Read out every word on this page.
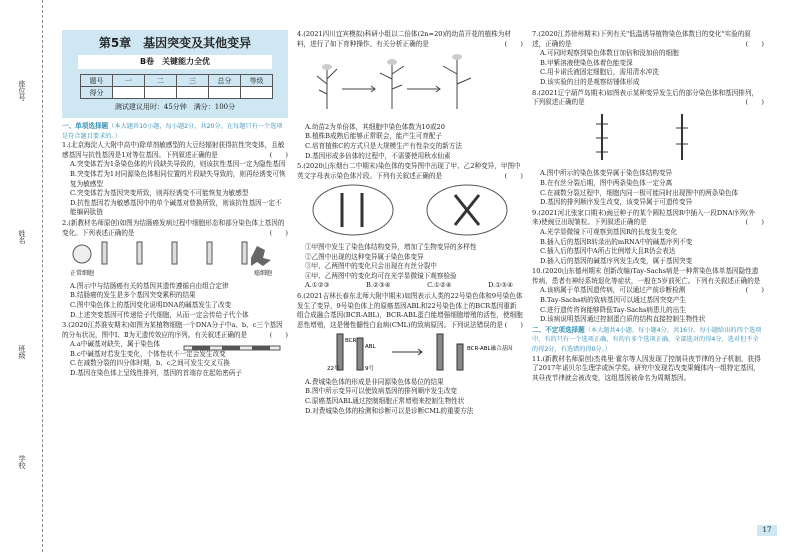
座位号
姓名
班级
学校
第5章　基因突变及其他变异
B卷　关键能力全优
题号	一	二	三	总分	等级
得分					
测试建议用时：45分钟　满分：100分
一、单项选择题（本大题共10小题，每小题2分，共20分。在每题只有一个选项是符合题目要求的。）
1.(北京海淀人大附中高中)除草剂敏感型的大豆经辐射获得抗性突变体，且敏感基因与抗性基因是1对等位基因。下列叙述正确的是	(　　)
A.突变体若为1条染色体的片段缺失导致的，则该抗性基因一定为隐性基因
B.突变体若为1对同源染色体相同位置的片段缺失导致的，则再经诱变可恢复为敏感型
C.突变体若为基因突变所致，则再经诱变不可能恢复为敏感型
D.抗性基因若为敏感基因中的单个碱基对替换所致，则该抗性基因一定不能编码肽链
2.(新教材名师原创)如图为结肠癌发病过程中细胞形态和部分染色体上基因的变化。下列表述正确的是	(　　)

正常细胞	癌细胞
A.图示中与结肠癌有关的基因其遗传遵循自由组合定律
B.结肠癌的发生是多个基因突变累积的结果
C.图中染色体上的基因变化说明DNA的碱基发生了改变
D.上述突变基因可传递给子代细胞，从而一定会传给子代个体
3.(2020江苏淮安期末)如图为某植物细胞一个DNA分子中a、b、c三个基因的分布状况，图中Ⅰ、Ⅱ为无遗传效应的序列。有关叙述正确的是	(　　)
A.a中碱基对缺失，属于染色体
B.c中碱基对若发生变化，个体性状不一定会发生改变
C.在减数分裂的四分体时期，b、c之间可发生交叉互换
D.基因在染色体上呈线性排列，基因的首端存在起始密码子
4.(2021四川宜宾模拟)科研小组以二倍体(2n=20)的幼苗开花的植株为材料，进行了如下育种操作。有关分析正确的是	(　　)

A.幼苗2为单倍体，其细胞中染色体数为10或20
B.植株B成熟后能够正常联会，能产生可育配子
C.培育植株C的方式只是大规模生产有性杂交的新方法
D.基因形成多倍体的过程中，不需要使用秋水仙素
5.(2020山东烟台二中期末)染色体的变异图中出现了甲、乙2种变异，甲图中英文字母表示染色体片段。下列有关叙述正确的是	(　　)

①甲图中发生了染色体结构变异，增加了生物变异的多样性
②乙图中出现的这种变异属于染色体变异
③甲、乙两图中的变化只会出现在有丝分裂中
④甲、乙两图中的变化均可在光学显微镜下观察检验
A.①②③	B.②③④	C.①②④	D.①③④
6.(2021吉林长春东北师大附中期末)如图表示人类的22号染色体和9号染色体发生了变异，9号染色体上的原癌基因ABL和22号染色体上的BCR基因重新组合成融合基因(BCR-ABL)，BCR-ABL蛋白能增强细胞增殖的活性，使细胞恶性增殖，这是慢性髓性白血病(CML)的致病原因。下列说法错误的是 (　　)

22号	9号
BCR
ABL	BCR-ABL融合基因
A.费城染色体的形成是非同源染色体易位的结果
B.图中所示变异可以使致病基因的排列顺序发生改变
C.原癌基因ABL通过控制细胞正常增殖来控制生物性状
D.对费城染色体的检测和诊断可以是诊断CML的重要方法
7.(2020江苏徐州期末)下列有关"低温诱导植物染色体数目的变化"实验的叙述，正确的是	(　　)
A.可同时观察到染色体数目加倍和没加倍的细胞
B.甲紫溶液使染色体着色能变深
C.用卡诺氏液固定细胞后，需用清水冲洗
D.该实验的目的是观察纺锤体形成
8.(2021辽宁葫芦岛期末)如图表示某种变异发生后的部分染色体和基因排列，下列叙述正确的是	(　　)

A.图中所示的染色体变异属于染色体结构变异
B.在有丝分裂后期，图中两条染色体一定分离
C.在减数分裂过程中，细胞内同一极可能同时出现图中的两条染色体
D.基因的排列顺序发生改变，该变异属于可遗传变异
9.(2021河北张家口期末)豌豆种子的某个圆粒基因R中插入一段DNA序列(外来)使豌豆出现皱粒。下列叙述正确的是	(　　)
A.光学显微镜下可观察到基因R的长度发生变化
B.插入后的基因R转录出的mRNA中的碱基序列不变
C.插入后的基因中A所占比例增大且R仍会表达
D.插入后的基因的碱基序列发生改变，属于基因突变
10.(2020山东德州期末 创新改编)Tay-Sachs病是一种常染色体单基因隐性遗传病，患者有神经系统退化等症状，一般在5岁前死亡。下列有关叙述正确的是
(　　)
A.该病属于单基因遗传病，可以通过产前诊断检测
B.Tay-Sachs病的致病基因可以通过基因突变产生
C.进行遗传咨询能够降低Tay-Sachs病患儿的出生
D.该病说明基因通过控制蛋白质的结构直接控制生物性状
二、不定项选择题（本大题共4小题，每小题4分，共16分。每小题给出的四个选项中，有的只有一个选项正确，有的有多个选项正确，全部选对的得4分，选对但不全的得2分，有选错的得0分。）
11.(新教材名师原创)杰弗里·霍尔等人因发现了控制昼夜节律的分子机制，获得了2017年诺贝尔生理学或医学奖。研究中发现若改变果蝇体内一组特定基因，其昼夜节律就会被改变，这组基因被命名为周期基因。
17
